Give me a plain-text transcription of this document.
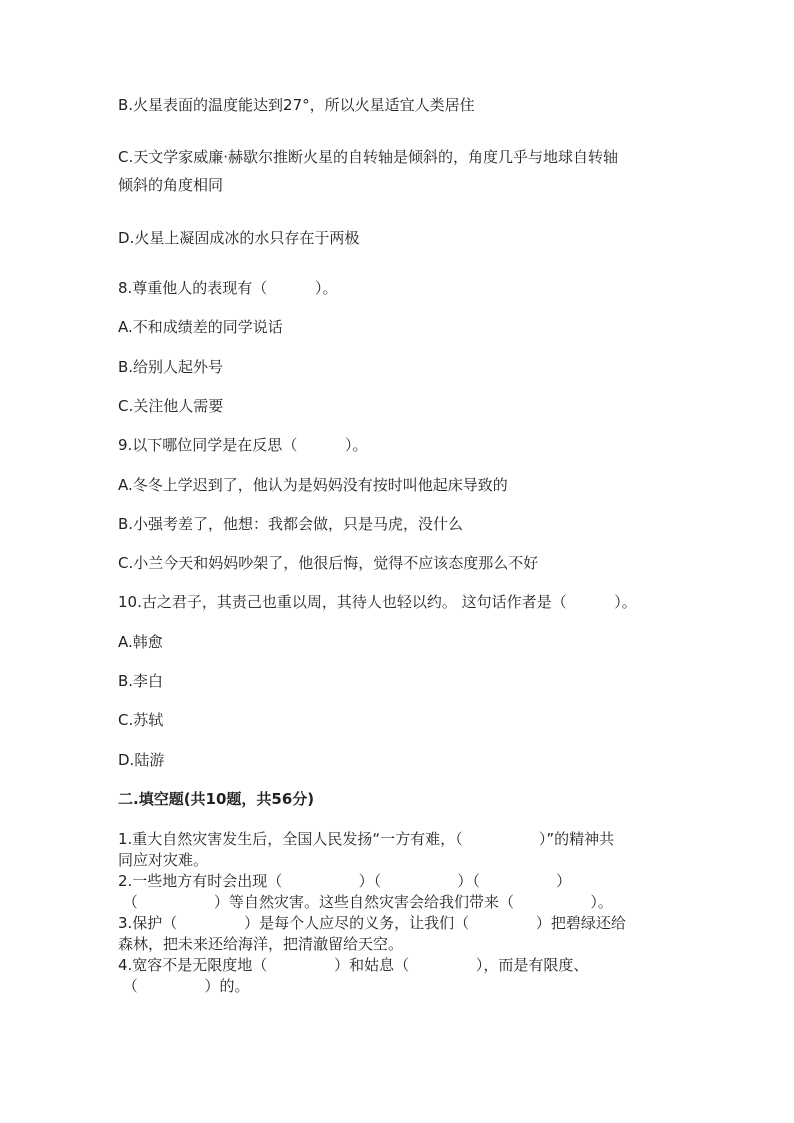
B.火星表面的温度能达到27°，所以火星适宜人类居住
C.天文学家威廉·赫歇尔推断火星的自转轴是倾斜的，角度几乎与地球自转轴
倾斜的角度相同
D.火星上凝固成冰的水只存在于两极
8.尊重他人的表现有（          ）。
A.不和成绩差的同学说话
B.给别人起外号
C.关注他人需要
9.以下哪位同学是在反思（          ）。
A.冬冬上学迟到了，他认为是妈妈没有按时叫他起床导致的
B.小强考差了，他想：我都会做，只是马虎，没什么
C.小兰今天和妈妈吵架了，他很后悔，觉得不应该态度那么不好
10.古之君子，其责己也重以周，其待人也轻以约。 这句话作者是（          ）。
A.韩愈
B.李白
C.苏轼
D.陆游
二.填空题(共10题，共56分)
1.重大自然灾害发生后，全国人民发扬“一方有难，（                ）”的精神共
同应对灾难。
2.一些地方有时会出现（                ）（                ）（                ）
（                ）等自然灾害。这些自然灾害会给我们带来（                ）。
3.保护（              ）是每个人应尽的义务，让我们（              ）把碧绿还给
森林，把未来还给海洋，把清澈留给天空。
4.宽容不是无限度地（              ）和姑息（              ），而是有限度、
（              ）的。
